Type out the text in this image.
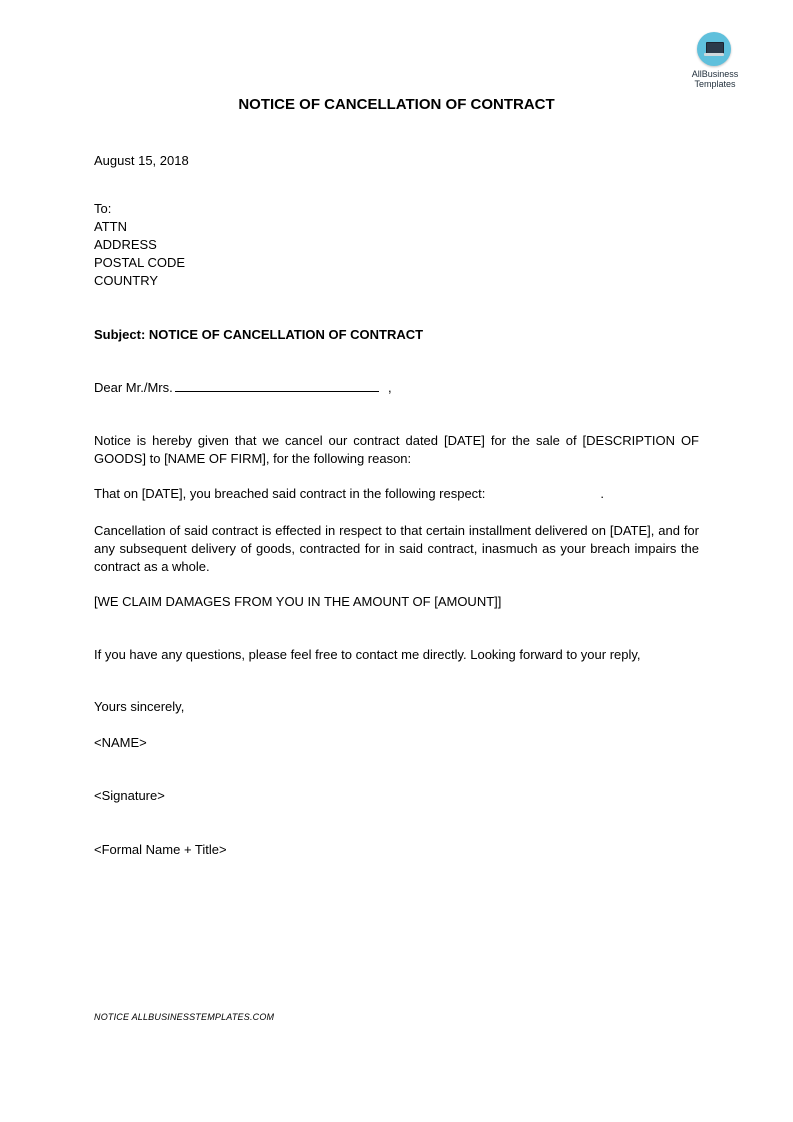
AllBusiness
Templates
NOTICE OF CANCELLATION OF CONTRACT
August 15, 2018
To:
ATTN
ADDRESS
POSTAL CODE
COUNTRY
Subject: NOTICE OF CANCELLATION OF CONTRACT
Dear Mr./Mrs.	,
Notice is hereby given that we cancel our contract dated [DATE] for the sale of [DESCRIPTION OF GOODS] to [NAME OF FIRM], for the following reason:
That on [DATE], you breached said contract in the following respect:	.
Cancellation of said contract is effected in respect to that certain installment delivered on [DATE], and for any subsequent delivery of goods, contracted for in said contract, inasmuch as your breach impairs the contract as a whole.
[WE CLAIM DAMAGES FROM YOU IN THE AMOUNT OF [AMOUNT]]
If you have any questions, please feel free to contact me directly. Looking forward to your reply,
Yours sincerely,
<NAME>
<Signature>
<Formal Name + Title>
NOTICE ALLBUSINESSTEMPLATES.COM
